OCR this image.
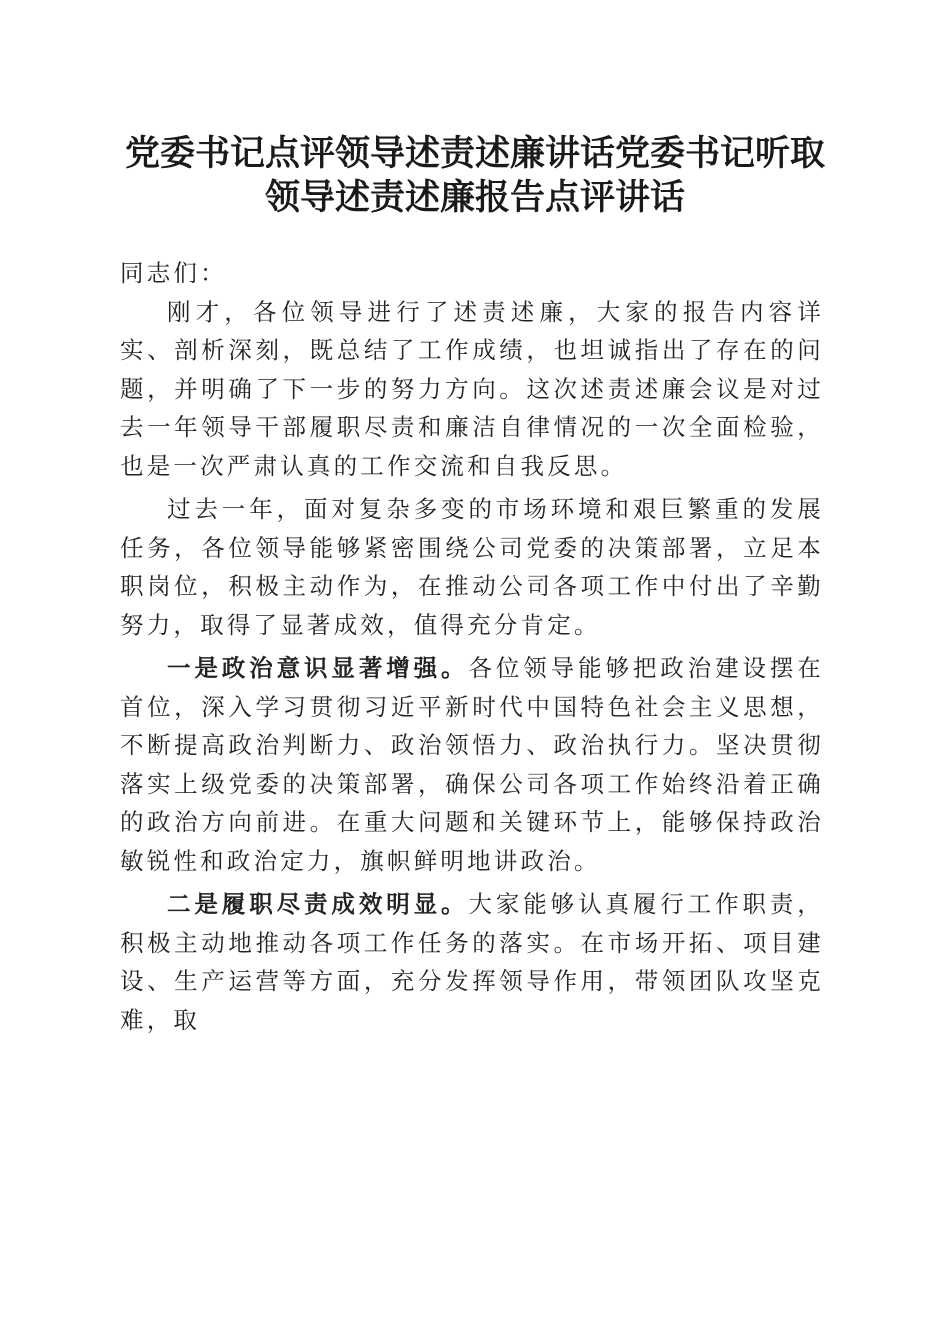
党委书记点评领导述责述廉讲话党委书记听取
领导述责述廉报告点评讲话

同志们：

刚才，各位领导进行了述责述廉，大家的报告内容详实、剖析深刻，既总结了工作成绩，也坦诚指出了存在的问题，并明确了下一步的努力方向。这次述责述廉会议是对过去一年领导干部履职尽责和廉洁自律情况的一次全面检验，也是一次严肃认真的工作交流和自我反思。

过去一年，面对复杂多变的市场环境和艰巨繁重的发展任务，各位领导能够紧密围绕公司党委的决策部署，立足本职岗位，积极主动作为，在推动公司各项工作中付出了辛勤努力，取得了显著成效，值得充分肯定。

一是政治意识显著增强。各位领导能够把政治建设摆在首位，深入学习贯彻习近平新时代中国特色社会主义思想，不断提高政治判断力、政治领悟力、政治执行力。坚决贯彻落实上级党委的决策部署，确保公司各项工作始终沿着正确的政治方向前进。在重大问题和关键环节上，能够保持政治敏锐性和政治定力，旗帜鲜明地讲政治。

二是履职尽责成效明显。大家能够认真履行工作职责，积极主动地推动各项工作任务的落实。在市场开拓、项目建设、生产运营等方面，充分发挥领导作用，带领团队攻坚克难，取
